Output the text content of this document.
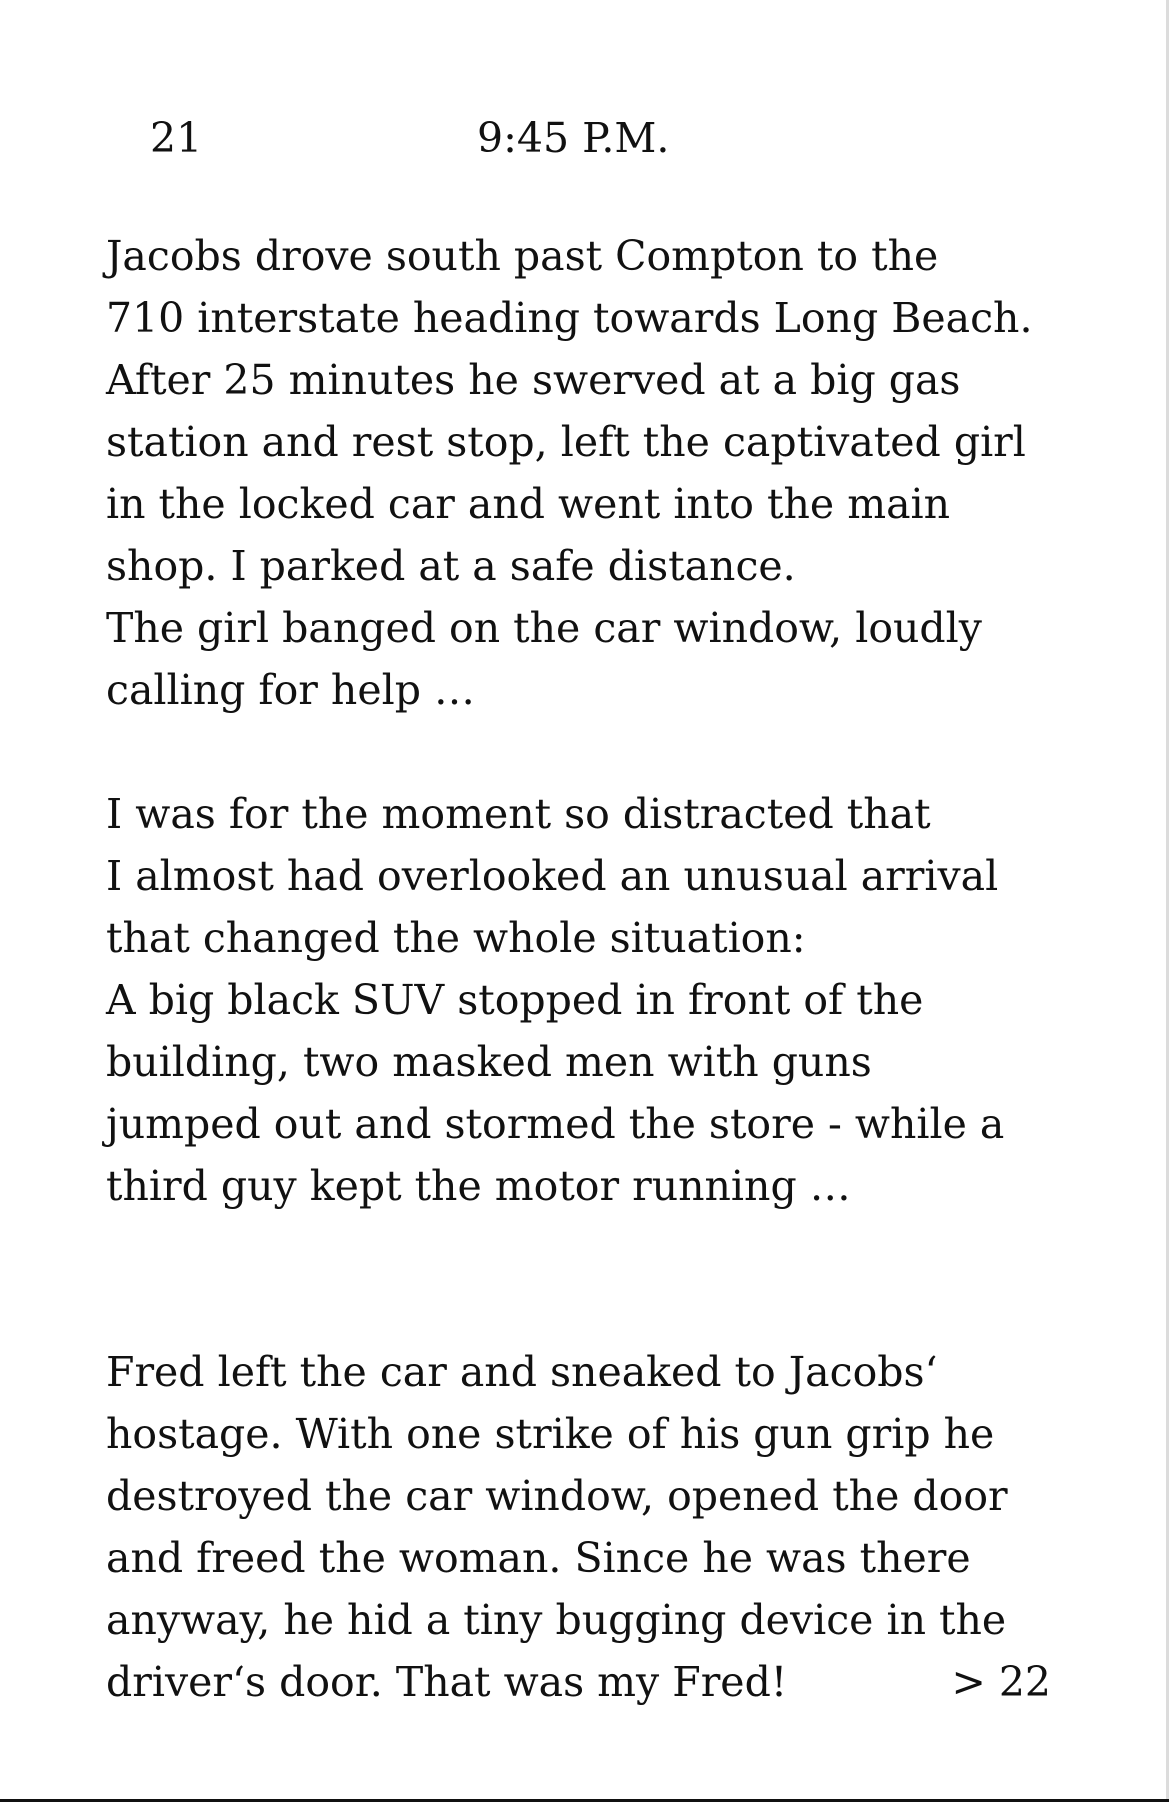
21	9:45 P.M.

Jacobs drove south past Compton to the
710 interstate heading towards Long Beach.
After 25 minutes he swerved at a big gas
station and rest stop, left the captivated girl
in the locked car and went into the main
shop. I parked at a safe distance.
The girl banged on the car window, loudly
calling for help …

I was for the moment so distracted that
I almost had overlooked an unusual arrival
that changed the whole situation:
A big black SUV stopped in front of the
building, two masked men with guns
jumped out and stormed the store - while a
third guy kept the motor running …

Fred left the car and sneaked to Jacobs‘
hostage. With one strike of his gun grip he
destroyed the car window, opened the door
and freed the woman. Since he was there
anyway, he hid a tiny bugging device in the

driver‘s door. That was my Fred!	> 22
